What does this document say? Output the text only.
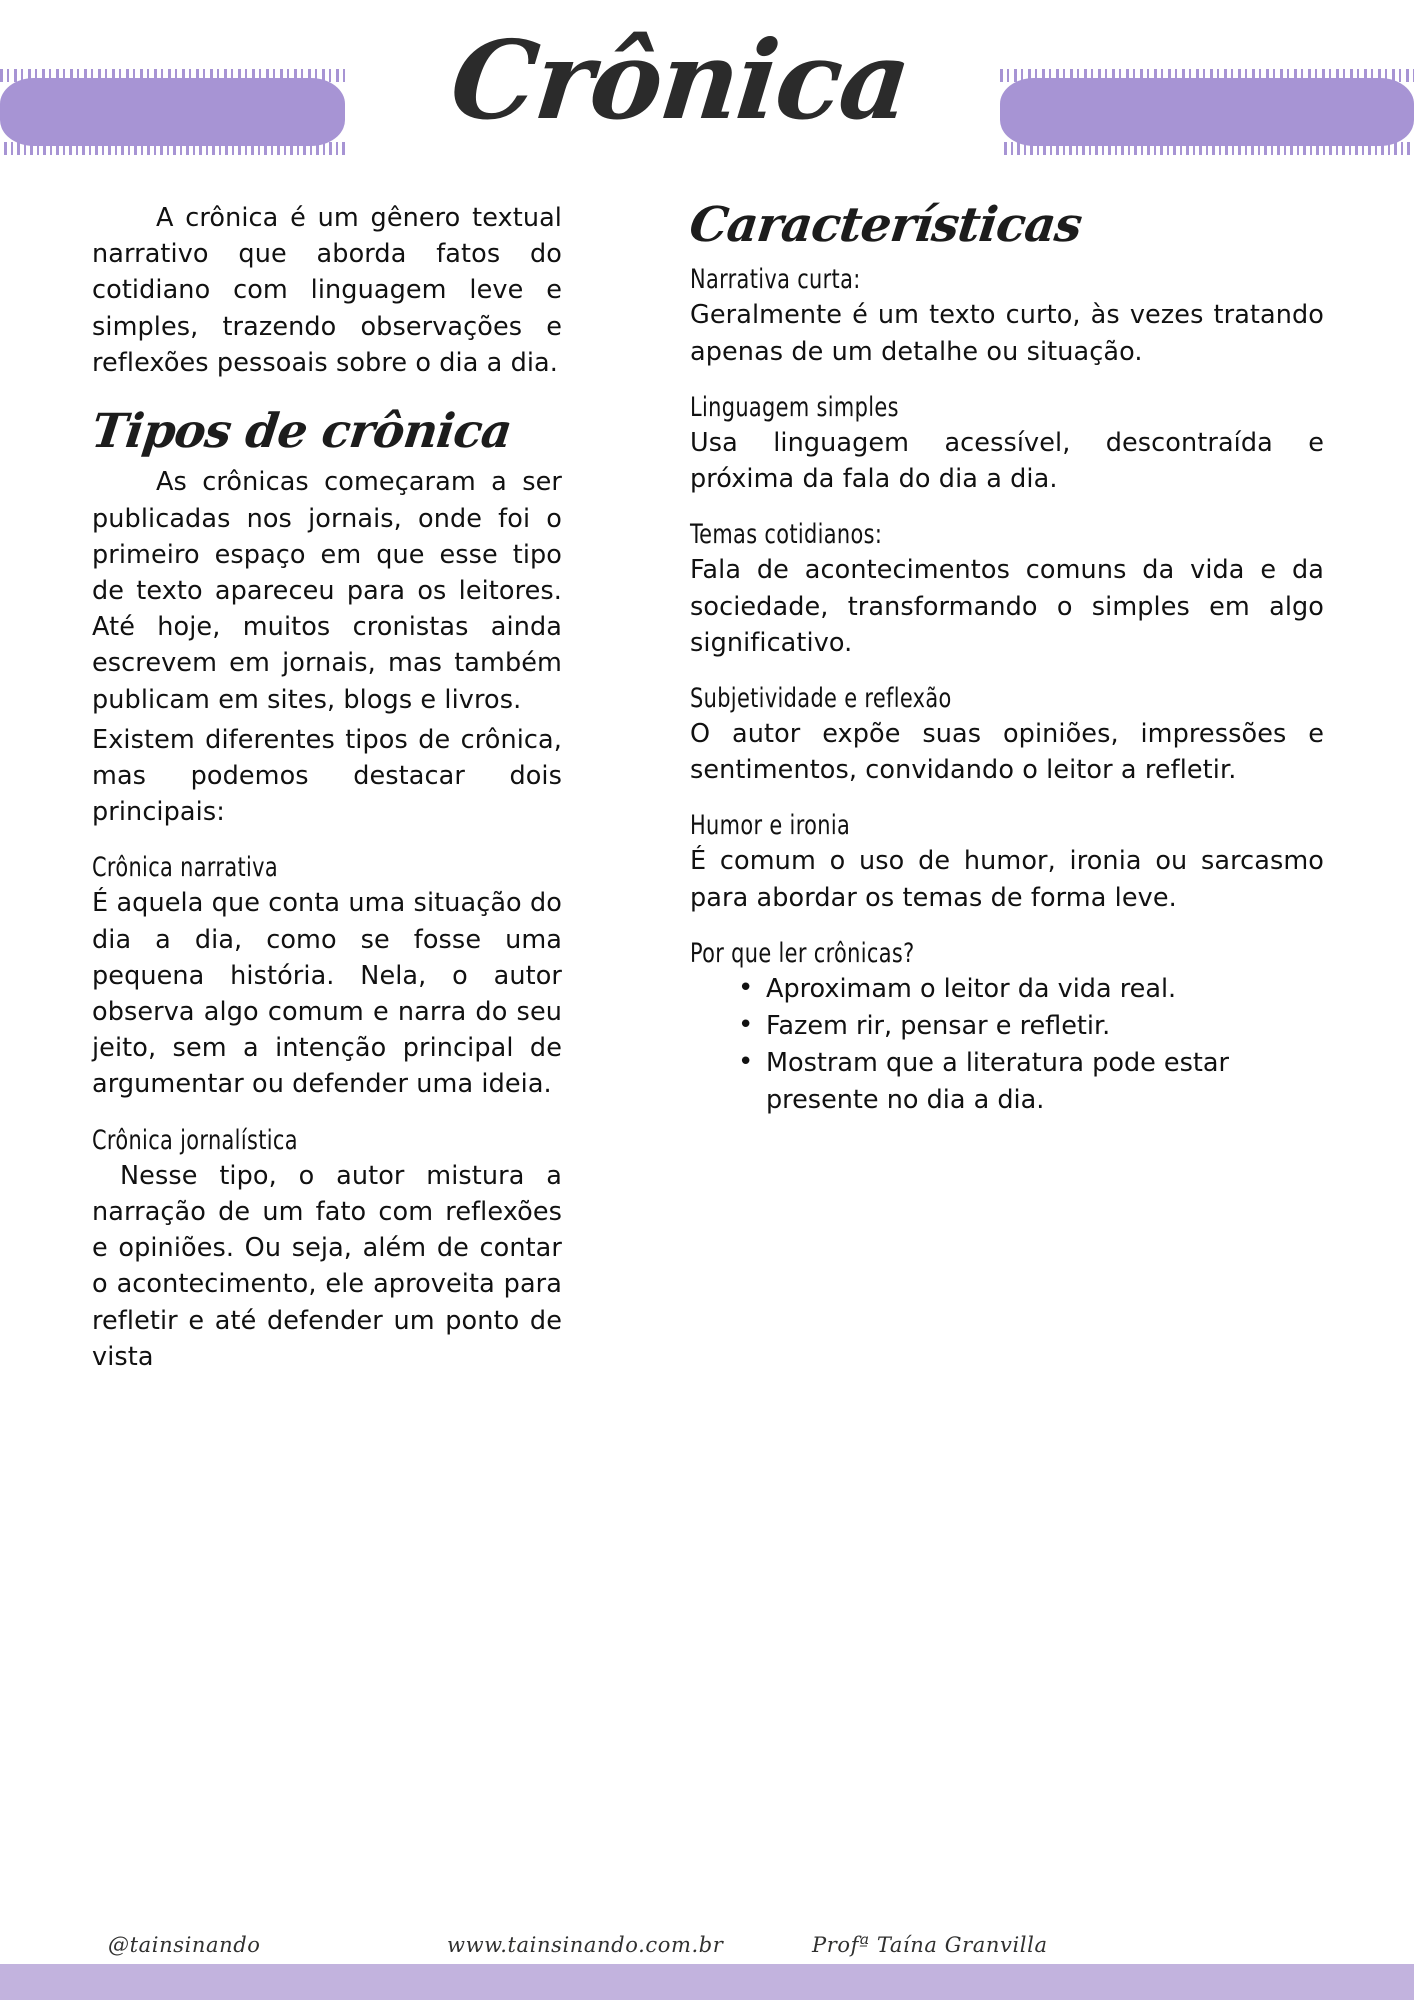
Crônica

A crônica é um gênero textual narrativo que aborda fatos do cotidiano com linguagem leve e simples, trazendo observações e reflexões pessoais sobre o dia a dia.

Tipos de crônica

As crônicas começaram a ser publicadas nos jornais, onde foi o primeiro espaço em que esse tipo de texto apareceu para os leitores. Até hoje, muitos cronistas ainda escrevem em jornais, mas também publicam em sites, blogs e livros.

Existem diferentes tipos de crônica, mas podemos destacar dois principais:

Crônica narrativa

É aquela que conta uma situação do dia a dia, como se fosse uma pequena história. Nela, o autor observa algo comum e narra do seu jeito, sem a intenção principal de argumentar ou defender uma ideia.

Crônica jornalística

Nesse tipo, o autor mistura a narração de um fato com reflexões e opiniões. Ou seja, além de contar o acontecimento, ele aproveita para refletir e até defender um ponto de vista

Características
Narrativa curta:

Geralmente é um texto curto, às vezes tratando apenas de um detalhe ou situação.

Linguagem simples

Usa linguagem acessível, descontraída e próxima da fala do dia a dia.

Temas cotidianos:

Fala de acontecimentos comuns da vida e da sociedade, transformando o simples em algo significativo.

Subjetividade e reflexão

O autor expõe suas opiniões, impressões e sentimentos, convidando o leitor a refletir.

Humor e ironia

É comum o uso de humor, ironia ou sarcasmo para abordar os temas de forma leve.

Por que ler crônicas?
• Aproximam o leitor da vida real.
• Fazem rir, pensar e refletir.
• Mostram que a literatura pode estar presente no dia a dia.
@tainsinando	www.tainsinando.com.br	Profª Taína Granvilla
